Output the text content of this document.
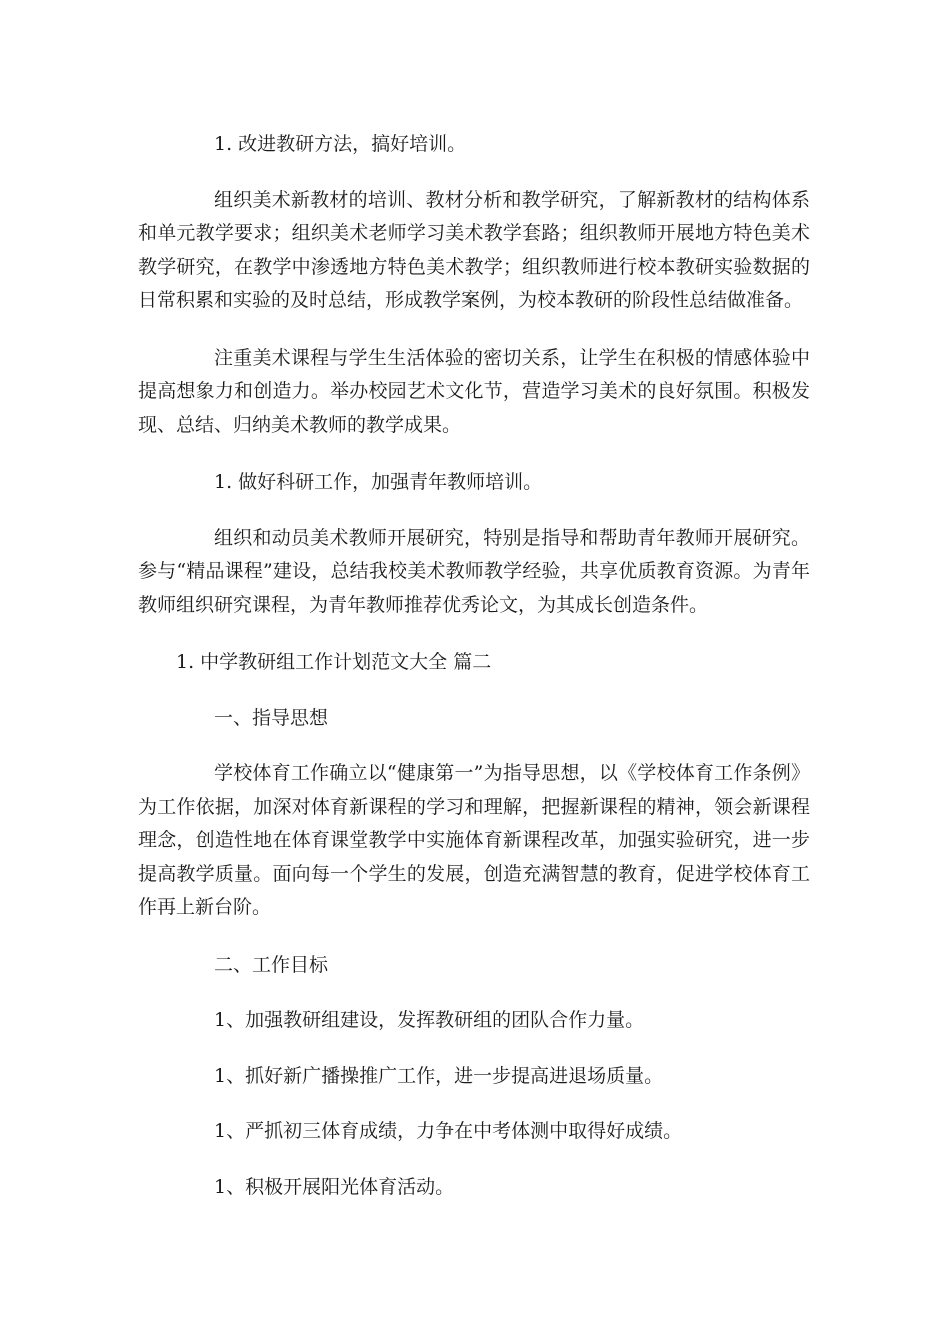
1. 改进教研方法，搞好培训。

组织美术新教材的培训、教材分析和教学研究，了解新教材的结构体系和单元教学要求；组织美术老师学习美术教学套路；组织教师开展地方特色美术教学研究，在教学中渗透地方特色美术教学；组织教师进行校本教研实验数据的日常积累和实验的及时总结，形成教学案例，为校本教研的阶段性总结做准备。

注重美术课程与学生生活体验的密切关系，让学生在积极的情感体验中提高想象力和创造力。举办校园艺术文化节，营造学习美术的良好氛围。积极发现、总结、归纳美术教师的教学成果。

1. 做好科研工作，加强青年教师培训。

组织和动员美术教师开展研究，特别是指导和帮助青年教师开展研究。参与“精品课程”建设，总结我校美术教师教学经验，共享优质教育资源。为青年教师组织研究课程，为青年教师推荐优秀论文，为其成长创造条件。

1. 中学教研组工作计划范文大全 篇二

一、指导思想

学校体育工作确立以“健康第一”为指导思想，以《学校体育工作条例》为工作依据，加深对体育新课程的学习和理解，把握新课程的精神，领会新课程理念，创造性地在体育课堂教学中实施体育新课程改革，加强实验研究，进一步提高教学质量。面向每一个学生的发展，创造充满智慧的教育，促进学校体育工作再上新台阶。

二、工作目标

1、加强教研组建设，发挥教研组的团队合作力量。

1、抓好新广播操推广工作，进一步提高进退场质量。

1、严抓初三体育成绩，力争在中考体测中取得好成绩。

1、积极开展阳光体育活动。
